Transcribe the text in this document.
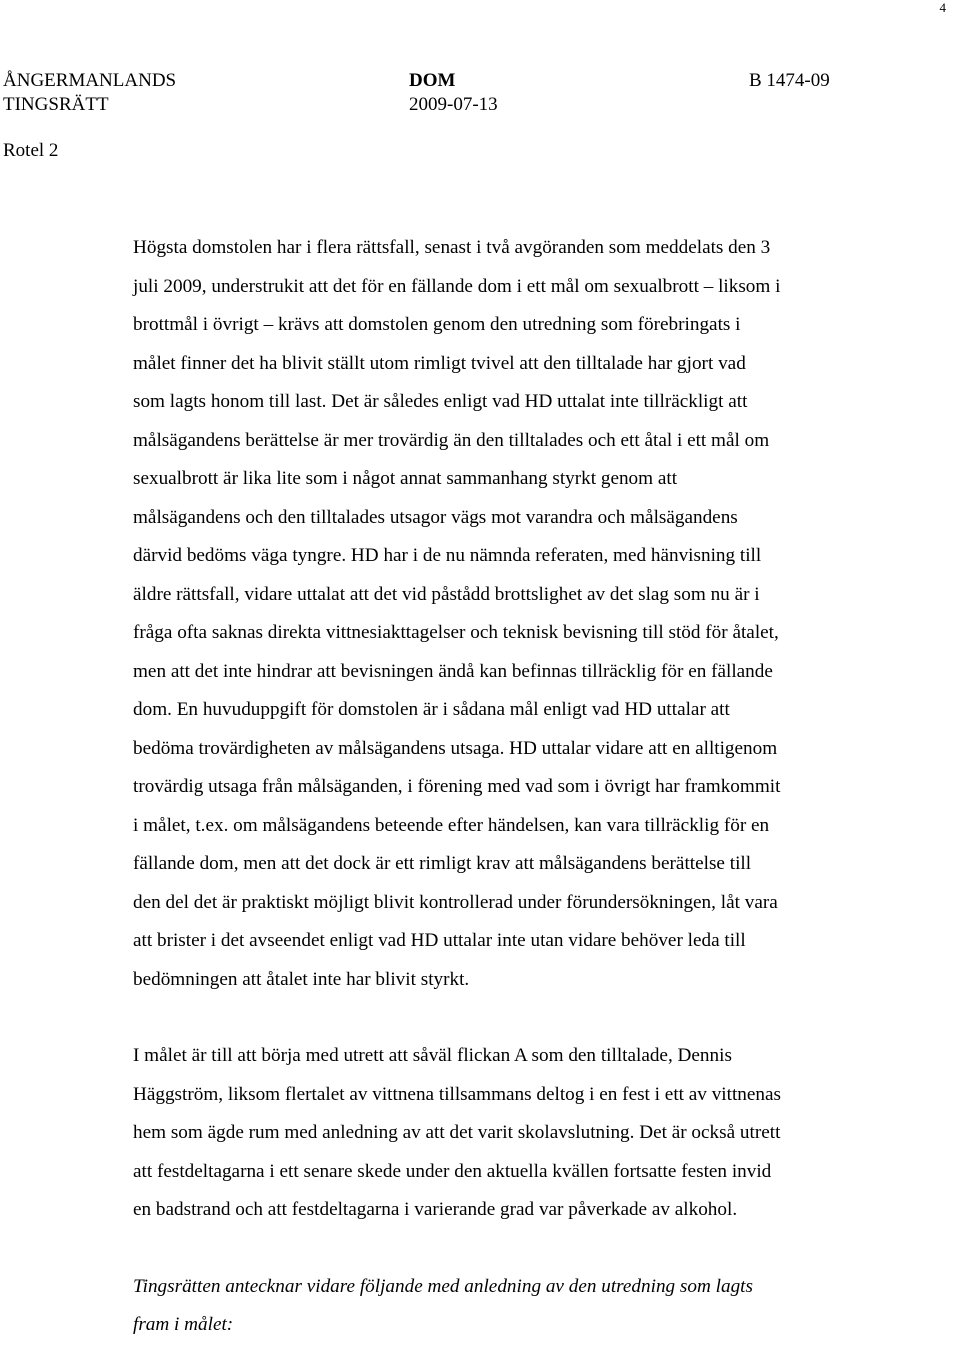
4
ÅNGERMANLANDS
TINGSRÄTT
DOM
2009-07-13
B 1474-09
Rotel 2

Högsta domstolen har i flera rättsfall, senast i två avgöranden som meddelats den 3
juli 2009, understrukit att det för en fällande dom i ett mål om sexualbrott – liksom i
brottmål i övrigt – krävs att domstolen genom den utredning som förebringats i
målet finner det ha blivit ställt utom rimligt tvivel att den tilltalade har gjort vad
som lagts honom till last. Det är således enligt vad HD uttalat inte tillräckligt att
målsägandens berättelse är mer trovärdig än den tilltalades och ett åtal i ett mål om
sexualbrott är lika lite som i något annat sammanhang styrkt genom att
målsägandens och den tilltalades utsagor vägs mot varandra och målsägandens
därvid bedöms väga tyngre. HD har i de nu nämnda referaten, med hänvisning till
äldre rättsfall, vidare uttalat att det vid påstådd brottslighet av det slag som nu är i
fråga ofta saknas direkta vittnesiakttagelser och teknisk bevisning till stöd för åtalet,
men att det inte hindrar att bevisningen ändå kan befinnas tillräcklig för en fällande
dom. En huvuduppgift för domstolen är i sådana mål enligt vad HD uttalar att
bedöma trovärdigheten av målsägandens utsaga. HD uttalar vidare att en alltigenom
trovärdig utsaga från målsäganden, i förening med vad som i övrigt har framkommit
i målet, t.ex. om målsägandens beteende efter händelsen, kan vara tillräcklig för en
fällande dom, men att det dock är ett rimligt krav att målsägandens berättelse till
den del det är praktiskt möjligt blivit kontrollerad under förundersökningen, låt vara
att brister i det avseendet enligt vad HD uttalar inte utan vidare behöver leda till
bedömningen att åtalet inte har blivit styrkt.

I målet är till att börja med utrett att såväl flickan A som den tilltalade, Dennis
Häggström, liksom flertalet av vittnena tillsammans deltog i en fest i ett av vittnenas
hem som ägde rum med anledning av att det varit skolavslutning. Det är också utrett
att festdeltagarna i ett senare skede under den aktuella kvällen fortsatte festen invid
en badstrand och att festdeltagarna i varierande grad var påverkade av alkohol.

Tingsrätten antecknar vidare följande med anledning av den utredning som lagts
fram i målet:
